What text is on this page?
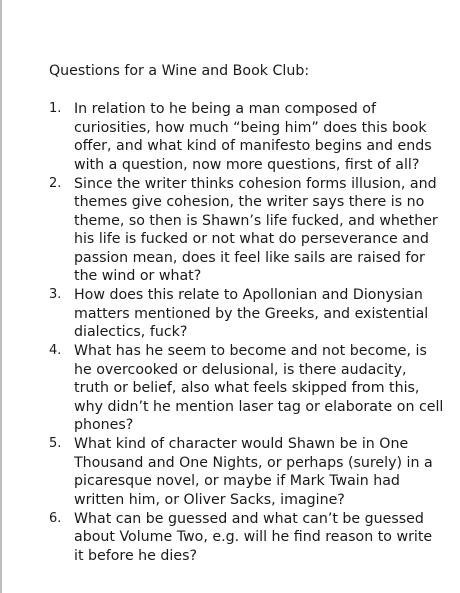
Questions for a Wine and Book Club:
1. In relation to he being a man composed of curiosities, how much “being him” does this book offer, and what kind of manifesto begins and ends with a question, now more questions, first of all?
2. Since the writer thinks cohesion forms illusion, and themes give cohesion, the writer says there is no theme, so then is Shawn’s life fucked, and whether his life is fucked or not what do perseverance and passion mean, does it feel like sails are raised for the wind or what?
3. How does this relate to Apollonian and Dionysian matters mentioned by the Greeks, and existential dialectics, fuck?
4. What has he seem to become and not become, is he overcooked or delusional, is there audacity, truth or belief, also what feels skipped from this, why didn’t he mention laser tag or elaborate on cell phones?
5. What kind of character would Shawn be in One Thousand and One Nights, or perhaps (surely) in a picaresque novel, or maybe if Mark Twain had written him, or Oliver Sacks, imagine?
6. What can be guessed and what can’t be guessed about Volume Two, e.g. will he find reason to write it before he dies?
